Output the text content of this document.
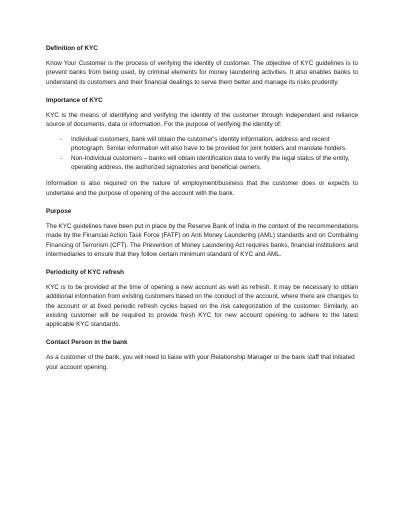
Definition of KYC
Know Your Customer is the process of verifying the identity of customer. The objective of KYC guidelines is to prevent banks from being used, by criminal elements for money laundering activities. It also enables banks to understand its customers and their financial dealings to serve them better and manage its risks prudently.
Importance of KYC
KYC is the means of identifying and verifying the identity of the customer through independent and reliance source of documents, data or information. For the purpose of verifying the identity of:
- Individual customers, bank will obtain the customer's identity information, address and recent photograph. Similar information will also have to be provided for joint holders and mandate holders.
- Non-Individual customers – banks will obtain identification data to verify the legal status of the entity, operating address, the authorized signatories and beneficial owners.
Information is also required on the nature of employment/business that the customer does or expects to undertake and the purpose of opening of the account with the bank.
Purpose
The KYC guidelines have been put in place by the Reserve Bank of India in the context of the recommendations made by the Financial Action Task Force (FATF) on Anti Money Laundering (AML) standards and on Combating Financing of Terrorism (CFT). The Prevention of Money Laundering Act requires banks, financial institutions and intermediaries to ensure that they follow certain minimum standard of KYC and AML.
Periodicity of KYC refresh
KYC is to be provided at the time of opening a new account as well as refresh. It may be necessary to obtain additional information from existing customers based on the conduct of the account, where there are changes to the account or at fixed periodic refresh cycles based on the risk categorization of the customer. Similarly, an existing customer will be required to provide fresh KYC for new account opening to adhere to the latest applicable KYC standards.
Contact Person in the bank
As a customer of the bank, you will need to liaise with your Relationship Manager or the bank staff that initiated your account opening.
